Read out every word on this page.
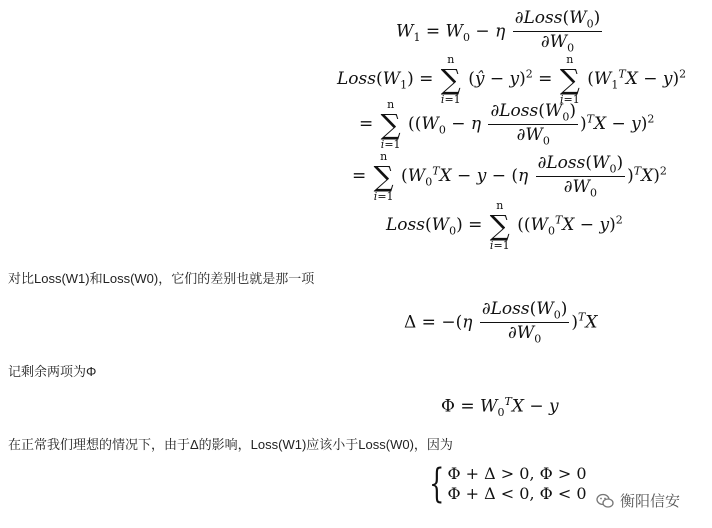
$W_1 = W_0 - \eta \frac{\partial Loss(W_0)}{\partial W_0}$
$Loss(W_1) = n$
∑
i=1 (ŷ − y)$^2$ = n
∑
i=1 $(W_1^TX - y)^2$
= n
∑
i=1 $((W_0 - \eta \frac{\partial Loss(W_0)}{\partial W_0} )^TX - y)^2$
= n
∑
i=1 $(W_0^TX - y - (\eta \frac{\partial Loss(W_0)}{\partial W_0} )^TX)^2$
$Loss(W_0) = n$
∑
i=1 ($(W_0^TX - y)^2$
对比Loss(W1)和Loss(W0)，它们的差别也就是那一项
$\Delta = -(\eta \frac{\partial Loss(W_0)}{\partial W_0} )^TX$
记剩余两项为Φ
$\Phi = W_0^TX - y$
在正常我们理想的情况下，由于Δ的影响，Loss(W1)应该小于Loss(W0)，因为
{ Φ + Δ > 0, Φ > 0
Φ + Δ < 0, Φ < 0 衡阳信安
